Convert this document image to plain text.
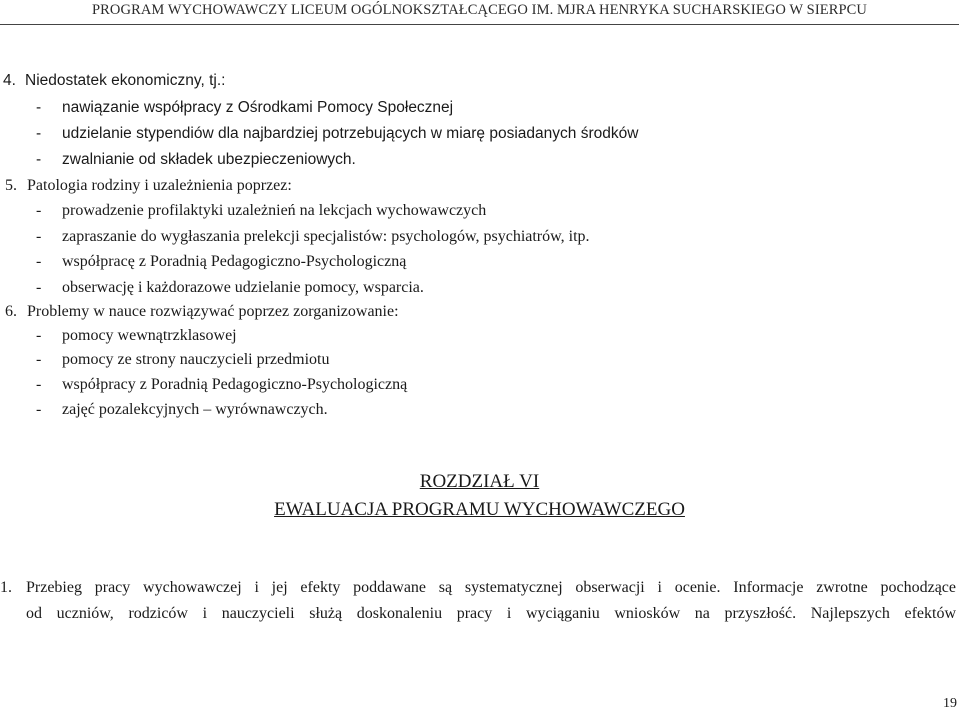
PROGRAM WYCHOWAWCZY LICEUM OGÓLNOKSZTAŁCĄCEGO IM. MJRA HENRYKA SUCHARSKIEGO W SIERPCU
4. Niedostatek ekonomiczny, tj.:
- nawiązanie współpracy z Ośrodkami Pomocy Społecznej
- udzielanie stypendiów dla najbardziej potrzebujących w miarę posiadanych środków
- zwalnianie od składek ubezpieczeniowych.
5. Patologia rodziny i uzależnienia poprzez:
- prowadzenie profilaktyki uzależnień na lekcjach wychowawczych
- zapraszanie do wygłaszania prelekcji specjalistów: psychologów, psychiatrów, itp.
- współpracę z Poradnią Pedagogiczno-Psychologiczną
- obserwację i każdorazowe udzielanie pomocy, wsparcia.
6. Problemy w nauce rozwiązywać poprzez zorganizowanie:
- pomocy wewnątrzklasowej
- pomocy ze strony nauczycieli przedmiotu
- współpracy z Poradnią Pedagogiczno-Psychologiczną
- zajęć pozalekcyjnych – wyrównawczych.
ROZDZIAŁ VI
EWALUACJA PROGRAMU WYCHOWAWCZEGO
1. Przebieg pracy wychowawczej i jej efekty poddawane są systematycznej obserwacji i ocenie. Informacje zwrotne pochodzące
od uczniów, rodziców i nauczycieli służą doskonaleniu pracy i wyciąganiu wniosków na przyszłość. Najlepszych efektów
19
